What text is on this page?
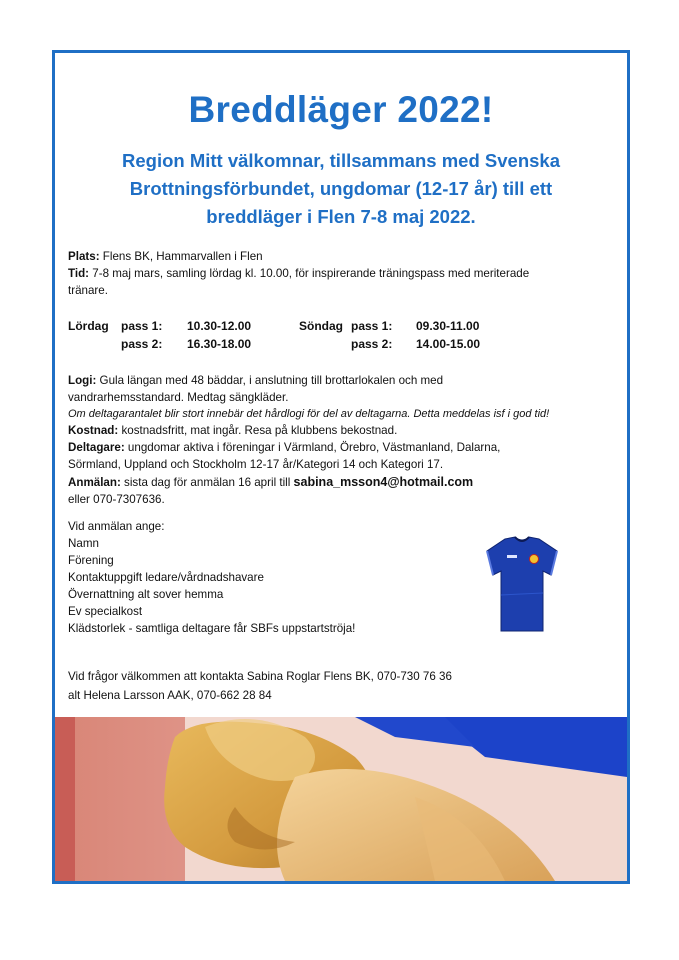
Breddläger 2022!
Region Mitt välkomnar, tillsammans med Svenska
Brottningsförbundet, ungdomar (12-17 år) till ett
breddläger i Flen 7-8 maj 2022.
Plats: Flens BK, Hammarvallen i Flen
Tid: 7-8 maj mars, samling lördag kl. 10.00, för inspirerande träningspass med meriterade
tränare.
Lördag pass 1: 10.30-12.00
pass 2: 16.30-18.00
Söndag pass 1: 09.30-11.00
pass 2: 14.00-15.00
Logi: Gula längan med 48 bäddar, i anslutning till brottarlokalen och med
vandrarhemsstandard. Medtag sängkläder.
Om deltagarantalet blir stort innebär det hårdlogi för del av deltagarna. Detta meddelas isf i god tid!
Kostnad: kostnadsfritt, mat ingår. Resa på klubbens bekostnad.
Deltagare: ungdomar aktiva i föreningar i Värmland, Örebro, Västmanland, Dalarna,
Sörmland, Uppland och Stockholm 12-17 år/Kategori 14 och Kategori 17.
Anmälan: sista dag för anmälan 16 april till sabina_msson4@hotmail.com
eller 070-7307636.
Vid anmälan ange:
Namn
Förening
Kontaktuppgift ledare/vårdnadshavare
Övernattning alt sover hemma
Ev specialkost
Klädstorlek - samtliga deltagare får SBFs uppstartströja!
Vid frågor välkommen att kontakta Sabina Roglar Flens BK, 070-730 76 36
alt Helena Larsson AAK, 070-662 28 84
